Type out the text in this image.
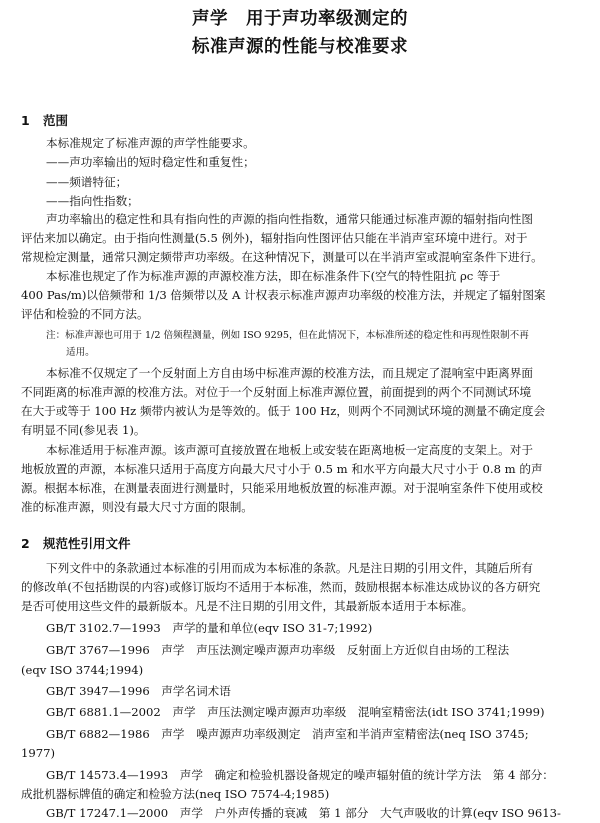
声学　用于声功率级测定的
标准声源的性能与校准要求
1 范围
本标准规定了标准声源的声学性能要求。
——声功率输出的短时稳定性和重复性；
——频谱特征；
——指向性指数；
声功率输出的稳定性和具有指向性的声源的指向性指数，通常只能通过标准声源的辐射指向性图
评估来加以确定。由于指向性测量(5.5 例外)，辐射指向性图评估只能在半消声室环境中进行。对于
常规检定测量，通常只测定频带声功率级。在这种情况下，测量可以在半消声室或混响室条件下进行。
本标准也规定了作为标准声源的声源校准方法，即在标准条件下(空气的特性阻抗 ρc 等于
400 Pas/m)以倍频带和 1/3 倍频带以及 A 计权表示标准声源声功率级的校准方法，并规定了辐射图案
评估和检验的不同方法。
注：标准声源也可用于 1/2 倍频程测量，例如 ISO 9295，但在此情况下，本标准所述的稳定性和再现性限制不再
适用。
本标准不仅规定了一个反射面上方自由场中标准声源的校准方法，而且规定了混响室中距离界面
不同距离的标准声源的校准方法。对位于一个反射面上标准声源位置，前面提到的两个不同测试环境
在大于或等于 100 Hz 频带内被认为是等效的。低于 100 Hz，则两个不同测试环境的测量不确定度会
有明显不同(参见表 1)。
本标准适用于标准声源。该声源可直接放置在地板上或安装在距离地板一定高度的支架上。对于
地板放置的声源，本标准只适用于高度方向最大尺寸小于 0.5 m 和水平方向最大尺寸小于 0.8 m 的声
源。根据本标准，在测量表面进行测量时，只能采用地板放置的标准声源。对于混响室条件下使用或校
准的标准声源，则没有最大尺寸方面的限制。
2 规范性引用文件
下列文件中的条款通过本标准的引用而成为本标准的条款。凡是注日期的引用文件，其随后所有
的修改单(不包括勘误的内容)或修订版均不适用于本标准，然而，鼓励根据本标准达成协议的各方研究
是否可使用这些文件的最新版本。凡是不注日期的引用文件，其最新版本适用于本标准。
GB/T 3102.7—1993　声学的量和单位(eqv ISO 31-7;1992)
GB/T 3767—1996　声学　声压法测定噪声源声功率级　反射面上方近似自由场的工程法
(eqv ISO 3744;1994)
GB/T 3947—1996　声学名词术语
GB/T 6881.1—2002　声学　声压法测定噪声源声功率级　混响室精密法(idt ISO 3741;1999)
GB/T 6882—1986　声学　噪声源声功率级测定　消声室和半消声室精密法(neq ISO 3745;
1977)
GB/T 14573.4—1993　声学　确定和检验机器设备规定的噪声辐射值的统计学方法　第 4 部分：
成批机器标牌值的确定和检验方法(neq ISO 7574-4;1985)
GB/T 17247.1—2000　声学　户外声传播的衰减　第 1 部分　大气声吸收的计算(eqv ISO 9613-
